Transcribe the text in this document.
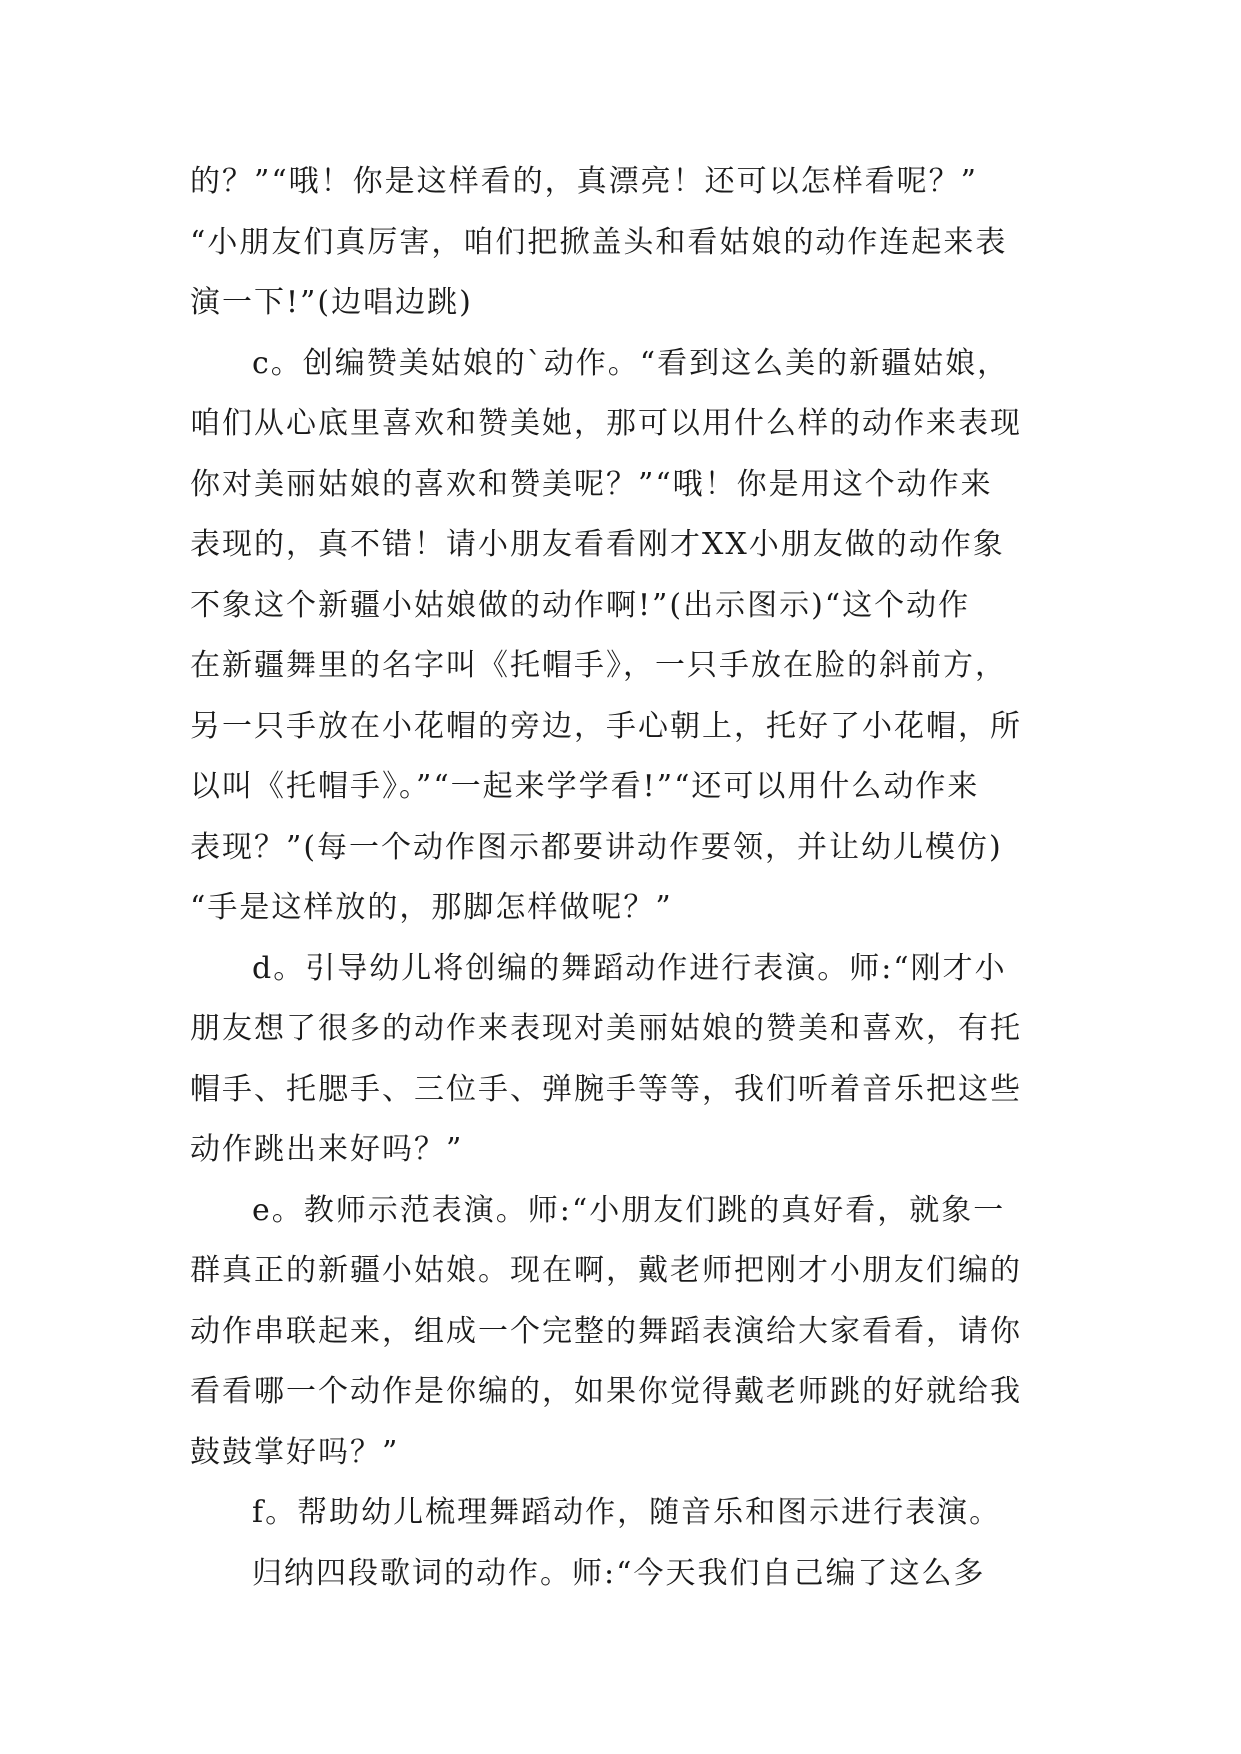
的？”“哦！你是这样看的，真漂亮！还可以怎样看呢？”
“小朋友们真厉害，咱们把掀盖头和看姑娘的动作连起来表
演一下!”(边唱边跳)
c。创编赞美姑娘的`动作。“看到这么美的新疆姑娘，
咱们从心底里喜欢和赞美她，那可以用什么样的动作来表现
你对美丽姑娘的喜欢和赞美呢？”“哦！你是用这个动作来
表现的，真不错！请小朋友看看刚才XX小朋友做的动作象
不象这个新疆小姑娘做的动作啊!”(出示图示)“这个动作
在新疆舞里的名字叫《托帽手》，一只手放在脸的斜前方，
另一只手放在小花帽的旁边，手心朝上，托好了小花帽，所
以叫《托帽手》。”“一起来学学看!”“还可以用什么动作来
表现？”(每一个动作图示都要讲动作要领，并让幼儿模仿)
“手是这样放的，那脚怎样做呢？”
d。引导幼儿将创编的舞蹈动作进行表演。师:“刚才小
朋友想了很多的动作来表现对美丽姑娘的赞美和喜欢，有托
帽手、托腮手、三位手、弹腕手等等，我们听着音乐把这些
动作跳出来好吗？”
e。教师示范表演。师:“小朋友们跳的真好看，就象一
群真正的新疆小姑娘。现在啊，戴老师把刚才小朋友们编的
动作串联起来，组成一个完整的舞蹈表演给大家看看，请你
看看哪一个动作是你编的，如果你觉得戴老师跳的好就给我
鼓鼓掌好吗？”
f。帮助幼儿梳理舞蹈动作，随音乐和图示进行表演。
归纳四段歌词的动作。师:“今天我们自己编了这么多
